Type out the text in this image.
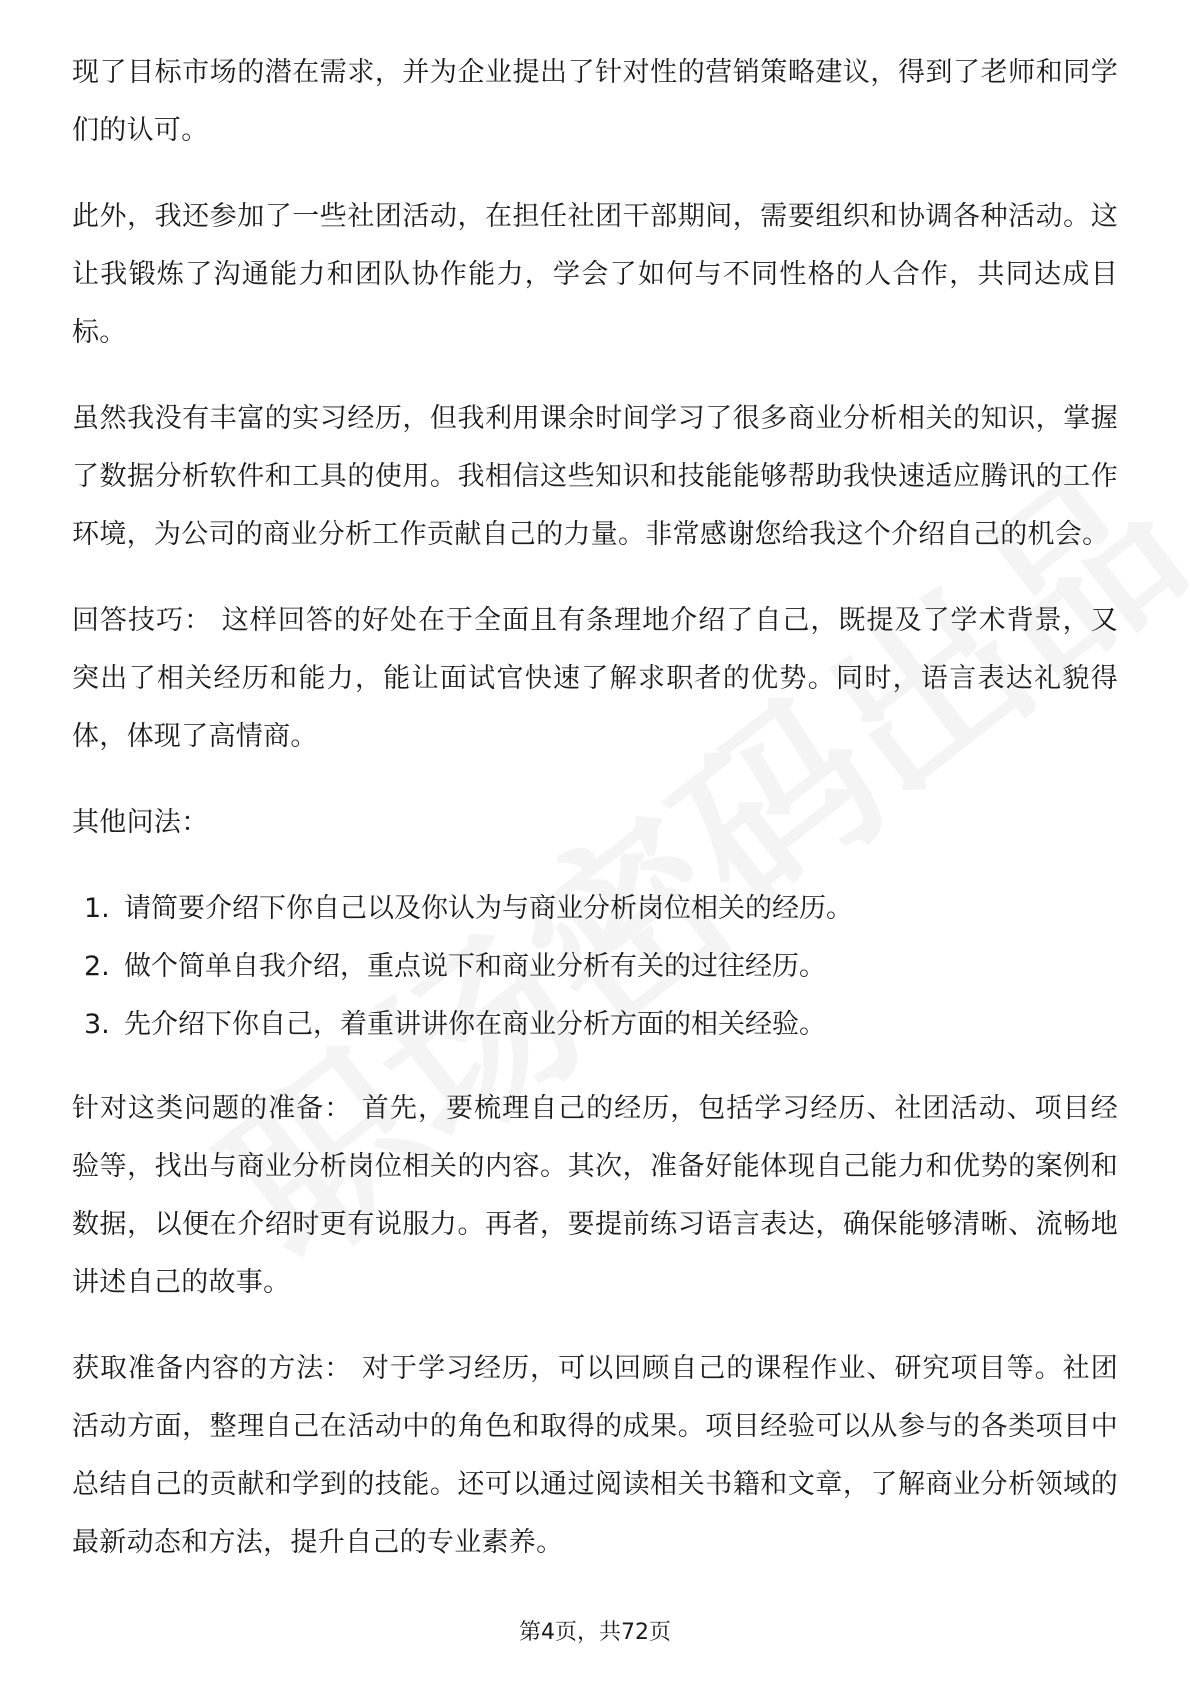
现了目标市场的潜在需求，并为企业提出了针对性的营销策略建议，得到了老师和同学们的认可。

此外，我还参加了一些社团活动，在担任社团干部期间，需要组织和协调各种活动。这让我锻炼了沟通能力和团队协作能力，学会了如何与不同性格的人合作，共同达成目标。

虽然我没有丰富的实习经历，但我利用课余时间学习了很多商业分析相关的知识，掌握了数据分析软件和工具的使用。我相信这些知识和技能能够帮助我快速适应腾讯的工作环境，为公司的商业分析工作贡献自己的力量。非常感谢您给我这个介绍自己的机会。

回答技巧： 这样回答的好处在于全面且有条理地介绍了自己，既提及了学术背景，又突出了相关经历和能力，能让面试官快速了解求职者的优势。同时，语言表达礼貌得体，体现了高情商。

其他问法：

1. 请简要介绍下你自己以及你认为与商业分析岗位相关的经历。
2. 做个简单自我介绍，重点说下和商业分析有关的过往经历。
3. 先介绍下你自己，着重讲讲你在商业分析方面的相关经验。

针对这类问题的准备： 首先，要梳理自己的经历，包括学习经历、社团活动、项目经验等，找出与商业分析岗位相关的内容。其次，准备好能体现自己能力和优势的案例和数据，以便在介绍时更有说服力。再者，要提前练习语言表达，确保能够清晰、流畅地讲述自己的故事。

获取准备内容的方法： 对于学习经历，可以回顾自己的课程作业、研究项目等。社团活动方面，整理自己在活动中的角色和取得的成果。项目经验可以从参与的各类项目中总结自己的贡献和学到的技能。还可以通过阅读相关书籍和文章，了解商业分析领域的最新动态和方法，提升自己的专业素养。

第4页，共72页
